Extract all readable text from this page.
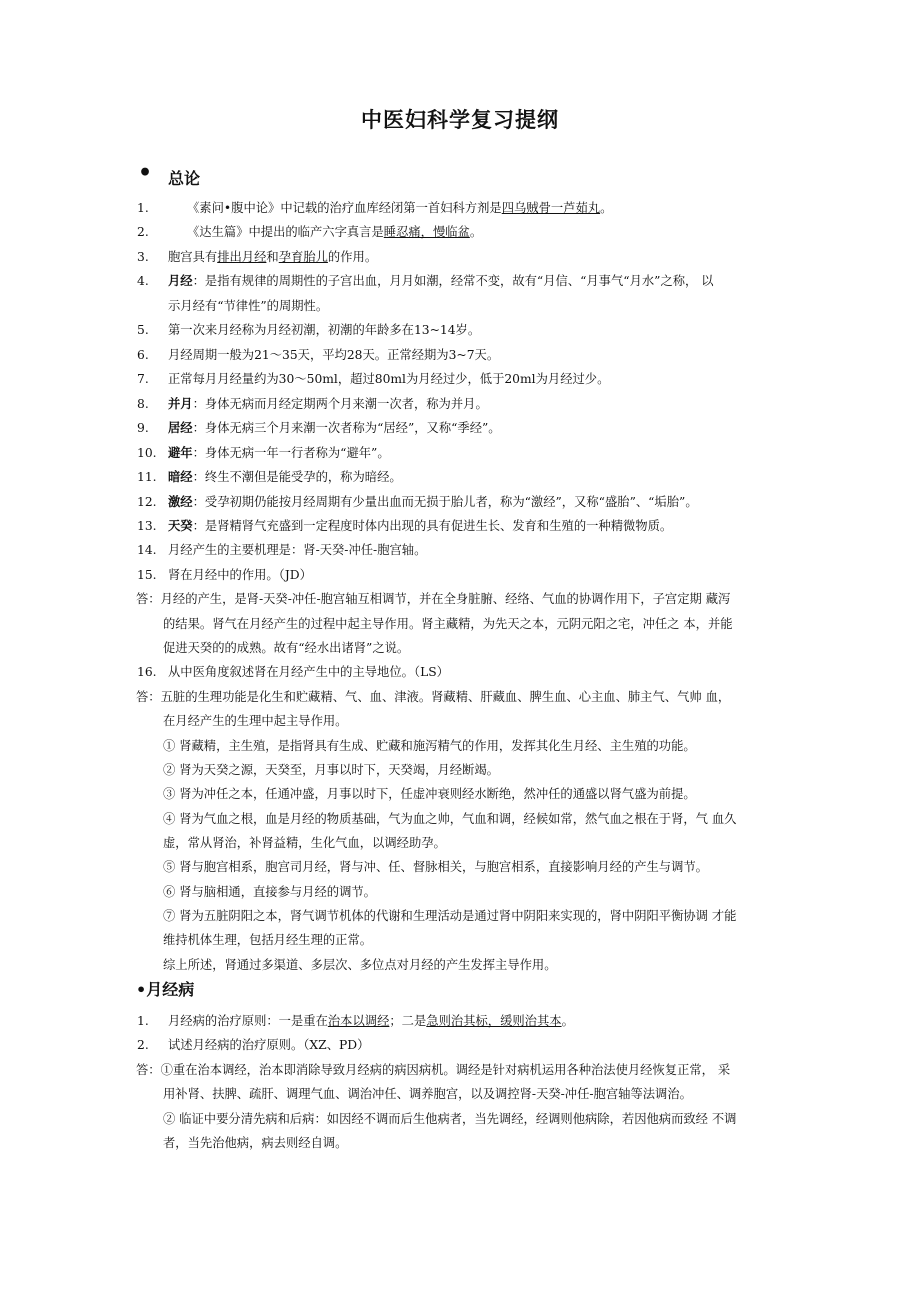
中医妇科学复习提纲
• 总论
1.	《素问•腹中论》中记载的治疗血库经闭第一首妇科方剂是四乌贼骨一芦茹丸。
2.	《达生篇》中提出的临产六字真言是睡忍痛，慢临盆。
3. 胞宫具有排出月经和孕育胎儿的作用。
4. 月经：是指有规律的周期性的子宫出血，月月如潮，经常不变，故有“月信、“月事气“月水”之称， 以
示月经有“节律性”的周期性。
5. 第一次来月经称为月经初潮，初潮的年龄多在13~14岁。
6. 月经周期一般为21～35天，平均28天。正常经期为3~7天。
7. 正常每月月经量约为30～50ml，超过80ml为月经过少，低于20ml为月经过少。
8. 并月：身体无病而月经定期两个月来潮一次者，称为并月。
9. 居经：身体无病三个月来潮一次者称为“居经”，又称“季经”。
10. 避年：身体无病一年一行者称为“避年”。
11. 暗经：终生不潮但是能受孕的，称为暗经。
12. 激经：受孕初期仍能按月经周期有少量出血而无损于胎儿者，称为“激经”，又称“盛胎”、“垢胎”。
13. 天癸：是肾精肾气充盛到一定程度时体内出现的具有促进生长、发育和生殖的一种精微物质。
14. 月经产生的主要机理是：肾-天癸-冲任-胞宫轴。
15. 肾在月经中的作用。（JD）
答：月经的产生，是肾-天癸-冲任-胞宫轴互相调节，并在全身脏腑、经络、气血的协调作用下，子宫定期 藏泻
的结果。肾气在月经产生的过程中起主导作用。肾主藏精，为先天之本，元阴元阳之宅，冲任之 本，并能
促进天癸的的成熟。故有“经水出诸肾”之说。
16. 从中医角度叙述肾在月经产生中的主导地位。（LS）
答：五脏的生理功能是化生和贮藏精、气、血、津液。肾藏精、肝藏血、脾生血、心主血、肺主气、气帅 血，
在月经产生的生理中起主导作用。
① 肾藏精，主生殖，是指肾具有生成、贮藏和施泻精气的作用，发挥其化生月经、主生殖的功能。
② 肾为天癸之源，天癸至，月事以时下，天癸竭，月经断竭。
③ 肾为冲任之本，任通冲盛，月事以时下，任虚冲衰则经水断绝，然冲任的通盛以肾气盛为前提。
④ 肾为气血之根，血是月经的物质基础，气为血之帅，气血和调，经候如常，然气血之根在于肾，气 血久
虚，常从肾治，补肾益精，生化气血，以调经助孕。
⑤ 肾与胞宫相系，胞宫司月经，肾与冲、任、督脉相关，与胞宫相系，直接影响月经的产生与调节。
⑥ 肾与脑相通，直接参与月经的调节。
⑦ 肾为五脏阴阳之本，肾气调节机体的代谢和生理活动是通过肾中阴阳来实现的，肾中阴阳平衡协调 才能
维持机体生理，包括月经生理的正常。
综上所述，肾通过多渠道、多层次、多位点对月经的产生发挥主导作用。
•月经病
1. 月经病的治疗原则：一是重在治本以调经；二是急则治其标，缓则治其本。
2. 试述月经病的治疗原则。（XZ、PD）
答：①重在治本调经，治本即消除导致月经病的病因病机。调经是针对病机运用各种治法使月经恢复正常， 采
用补肾、扶脾、疏肝、调理气血、调治冲任、调养胞宫，以及调控肾-天癸-冲任-胞宫轴等法调治。
② 临证中要分清先病和后病：如因经不调而后生他病者，当先调经，经调则他病除，若因他病而致经 不调
者，当先治他病，病去则经自调。
